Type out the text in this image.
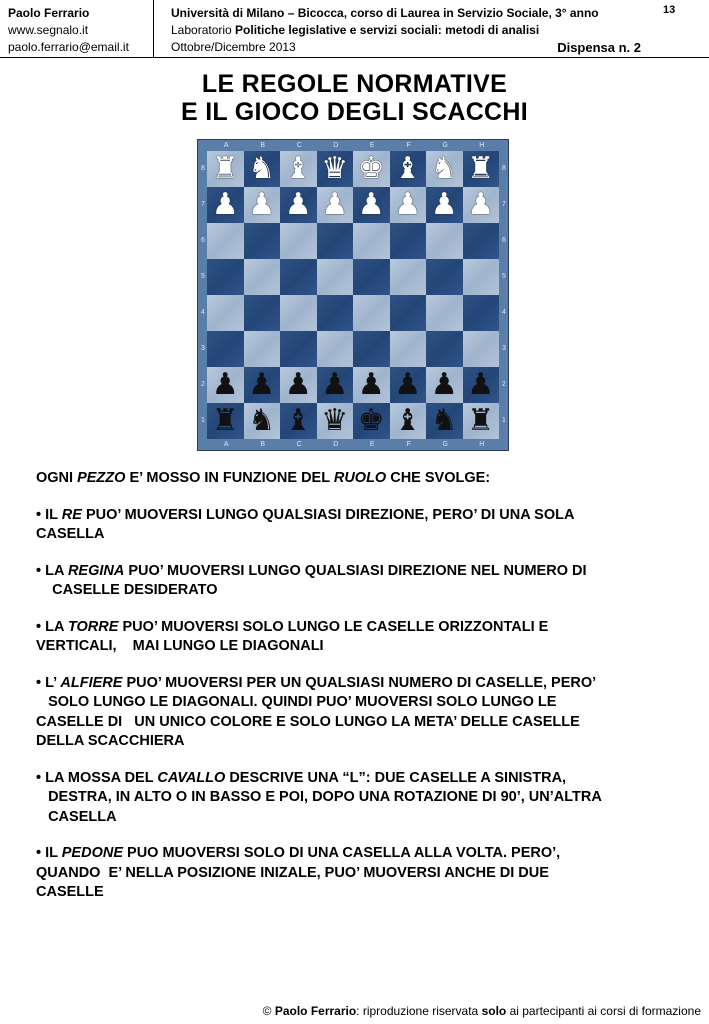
Paolo Ferrario
www.segnalo.it
paolo.ferrario@email.it
Università di Milano – Bicocca, corso di Laurea in Servizio Sociale, 3° anno
Laboratorio Politiche legislative e servizi sociali: metodi di analisi
Ottobre/Dicembre 2013	Dispensa n. 2
13
LE REGOLE NORMATIVE
E IL GIOCO DEGLI SCACCHI
A
A
B
B
C
C
D
D
E
E
F
F
G
G
H
H
8	8
7	7
6	6
5	5
4	4
3	3
2	2
1	1
♜ ♞ ♝ ♛ ♚ ♝ ♞ ♜
♟ ♟ ♟ ♟ ♟ ♟ ♟ ♟
♟ ♟ ♟ ♟ ♟ ♟ ♟ ♟
♜ ♞ ♝ ♛ ♚ ♝ ♞ ♜

OGNI PEZZO E’ MOSSO IN FUNZIONE DEL RUOLO CHE SVOLGE:

• IL RE PUO’ MUOVERSI LUNGO QUALSIASI DIREZIONE, PERO’ DI UNA SOLA
CASELLA

• LA REGINA PUO’ MUOVERSI LUNGO QUALSIASI DIREZIONE NEL NUMERO DI
CASELLE DESIDERATO

• LA TORRE PUO’ MUOVERSI SOLO LUNGO LE CASELLE ORIZZONTALI E
VERTICALI,    MAI LUNGO LE DIAGONALI

• L’ ALFIERE PUO’ MUOVERSI PER UN QUALSIASI NUMERO DI CASELLE, PERO’
SOLO LUNGO LE DIAGONALI. QUINDI PUO’ MUOVERSI SOLO LUNGO LE
CASELLE DI   UN UNICO COLORE E SOLO LUNGO LA META’ DELLE CASELLE
DELLA SCACCHIERA

• LA MOSSA DEL CAVALLO DESCRIVE UNA “L”: DUE CASELLE A SINISTRA,
DESTRA, IN ALTO O IN BASSO E POI, DOPO UNA ROTAZIONE DI 90’, UN’ALTRA
CASELLA

• IL PEDONE PUO MUOVERSI SOLO DI UNA CASELLA ALLA VOLTA. PERO’,
QUANDO  E’ NELLA POSIZIONE INIZALE, PUO’ MUOVERSI ANCHE DI DUE
CASELLE

© Paolo Ferrario: riproduzione riservata solo ai partecipanti ai corsi di formazione
